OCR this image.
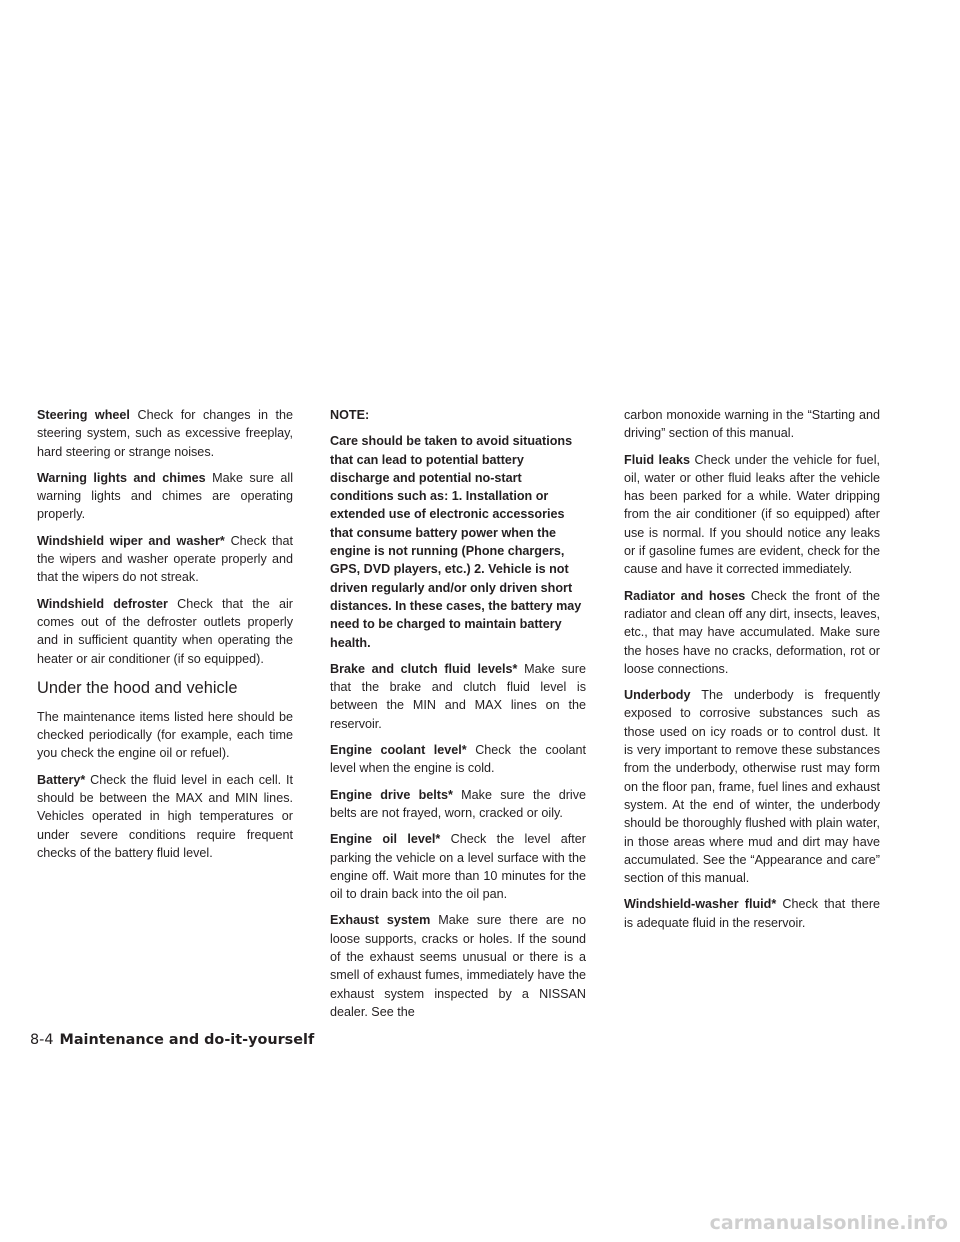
Steering wheel Check for changes in the steering system, such as excessive freeplay, hard steering or strange noises.

Warning lights and chimes Make sure all warning lights and chimes are operating properly.

Windshield wiper and washer* Check that the wipers and washer operate properly and that the wipers do not streak.

Windshield defroster Check that the air comes out of the defroster outlets properly and in sufficient quantity when operating the heater or air conditioner (if so equipped).

Under the hood and vehicle

The maintenance items listed here should be checked periodically (for example, each time you check the engine oil or refuel).

Battery* Check the fluid level in each cell. It should be between the MAX and MIN lines. Vehicles operated in high temperatures or under severe conditions require frequent checks of the battery fluid level.

NOTE:

Care should be taken to avoid situations that can lead to potential battery discharge and potential no-start conditions such as: 1. Installation or extended use of electronic accessories that consume battery power when the engine is not running (Phone chargers, GPS, DVD players, etc.) 2. Vehicle is not driven regularly and/or only driven short distances. In these cases, the battery may need to be charged to maintain battery health.

Brake and clutch fluid levels* Make sure that the brake and clutch fluid level is between the MIN and MAX lines on the reservoir.

Engine coolant level* Check the coolant level when the engine is cold.

Engine drive belts* Make sure the drive belts are not frayed, worn, cracked or oily.

Engine oil level* Check the level after parking the vehicle on a level surface with the engine off. Wait more than 10 minutes for the oil to drain back into the oil pan.

Exhaust system Make sure there are no loose supports, cracks or holes. If the sound of the exhaust seems unusual or there is a smell of exhaust fumes, immediately have the exhaust system inspected by a NISSAN dealer. See the

carbon monoxide warning in the “Starting and driving” section of this manual.

Fluid leaks Check under the vehicle for fuel, oil, water or other fluid leaks after the vehicle has been parked for a while. Water dripping from the air conditioner (if so equipped) after use is normal. If you should notice any leaks or if gasoline fumes are evident, check for the cause and have it corrected immediately.

Radiator and hoses Check the front of the radiator and clean off any dirt, insects, leaves, etc., that may have accumulated. Make sure the hoses have no cracks, deformation, rot or loose connections.

Underbody The underbody is frequently exposed to corrosive substances such as those used on icy roads or to control dust. It is very important to remove these substances from the underbody, otherwise rust may form on the floor pan, frame, fuel lines and exhaust system. At the end of winter, the underbody should be thoroughly flushed with plain water, in those areas where mud and dirt may have accumulated. See the “Appearance and care” section of this manual.

Windshield-washer fluid* Check that there is adequate fluid in the reservoir.

8-4 Maintenance and do-it-yourself
carmanualsonline.info
